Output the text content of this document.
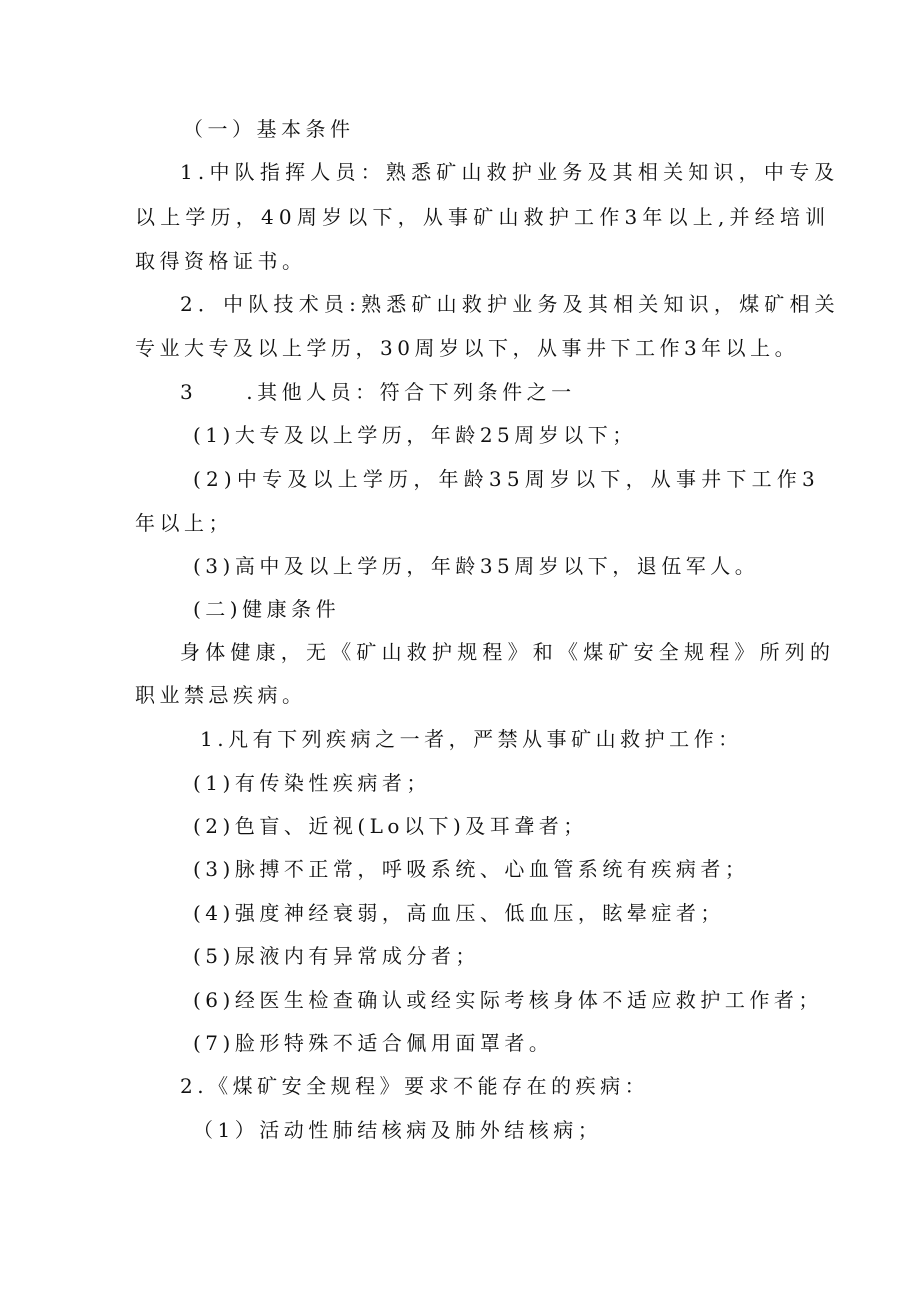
（一）基本条件
1.中队指挥人员：熟悉矿山救护业务及其相关知识，中专及
以上学历，40周岁以下，从事矿山救护工作3年以上,并经培训
取得资格证书。
2．中队技术员:熟悉矿山救护业务及其相关知识，煤矿相关
专业大专及以上学历，30周岁以下，从事井下工作3年以上。
3　　.其他人员：符合下列条件之一
(1)大专及以上学历，年龄25周岁以下；
(2)中专及以上学历，年龄35周岁以下，从事井下工作3
年以上；
(3)高中及以上学历，年龄35周岁以下，退伍军人。
(二)健康条件
身体健康，无《矿山救护规程》和《煤矿安全规程》所列的
职业禁忌疾病。
1.凡有下列疾病之一者，严禁从事矿山救护工作：
(1)有传染性疾病者；
(2)色盲、近视(Lo以下)及耳聋者；
(3)脉搏不正常，呼吸系统、心血管系统有疾病者；
(4)强度神经衰弱，高血压、低血压，眩晕症者；
(5)尿液内有异常成分者；
(6)经医生检查确认或经实际考核身体不适应救护工作者；
(7)脸形特殊不适合佩用面罩者。
2.《煤矿安全规程》要求不能存在的疾病：
（1）活动性肺结核病及肺外结核病；
